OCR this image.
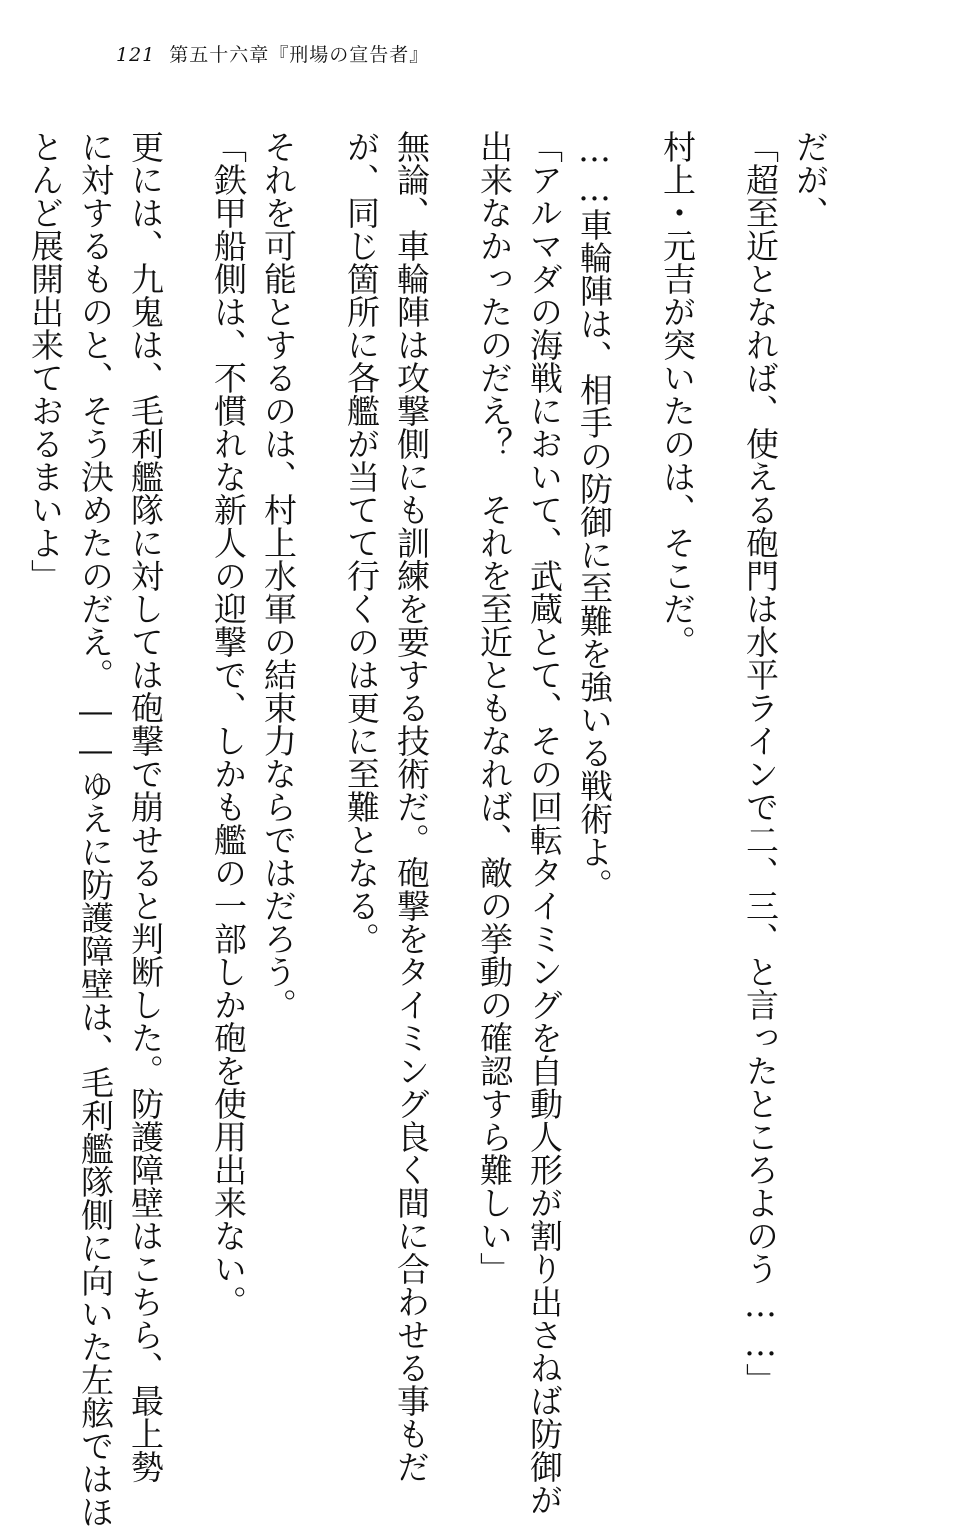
121 第五十六章『刑場の宣告者』
だが、
「超至近となれば、使える砲門は水平ラインで二、三、と言ったところよのう……」
村上・元吉が突いたのは、そこだ。
……車輪陣は、相手の防御に至難を強いる戦術よ。
「アルマダの海戦において、武蔵とて、その回転タイミングを自動人形が割り出さねば防御が
出来なかったのだえ？　それを至近ともなれば、敵の挙動の確認すら難しい」
無論、車輪陣は攻撃側にも訓練を要する技術だ。砲撃をタイミング良く間に合わせる事もだ
が、同じ箇所に各艦が当てて行くのは更に至難となる。
それを可能とするのは、村上水軍の結束力ならではだろう。
「鉄甲船側は、不慣れな新人の迎撃で、しかも艦の一部しか砲を使用出来ない。
更には、九鬼は、毛利艦隊に対しては砲撃で崩せると判断した。防護障壁はこちら、最上勢
に対するものと、そう決めたのだえ。――ゆえに防護障壁は、毛利艦隊側に向いた左舷ではほ
とんど展開出来ておるまいよ」
